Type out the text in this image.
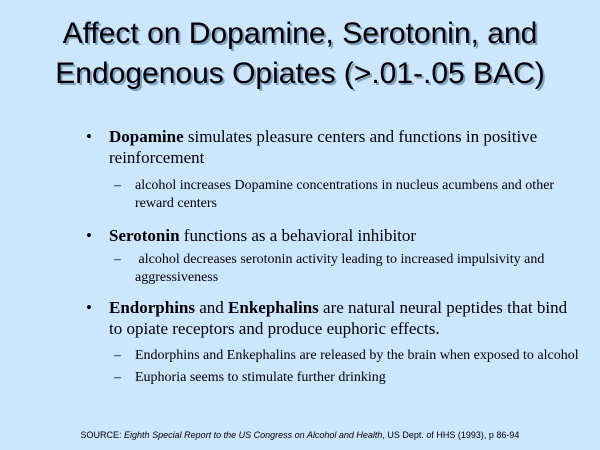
Affect on Dopamine, Serotonin, and
Endogenous Opiates (>.01-.05 BAC)
• Dopamine simulates pleasure centers and functions in positive reinforcement
– alcohol increases Dopamine concentrations in nucleus acumbens and other reward centers
• Serotonin functions as a behavioral inhibitor
– alcohol decreases serotonin activity leading to increased impulsivity and aggressiveness
• Endorphins and Enkephalins are natural neural peptides that bind to opiate receptors and produce euphoric effects.
– Endorphins and Enkephalins are released by the brain when exposed to alcohol
– Euphoria seems to stimulate further drinking
SOURCE: Eighth Special Report to the US Congress on Alcohol and Health, US Dept. of HHS (1993), p 86-94
